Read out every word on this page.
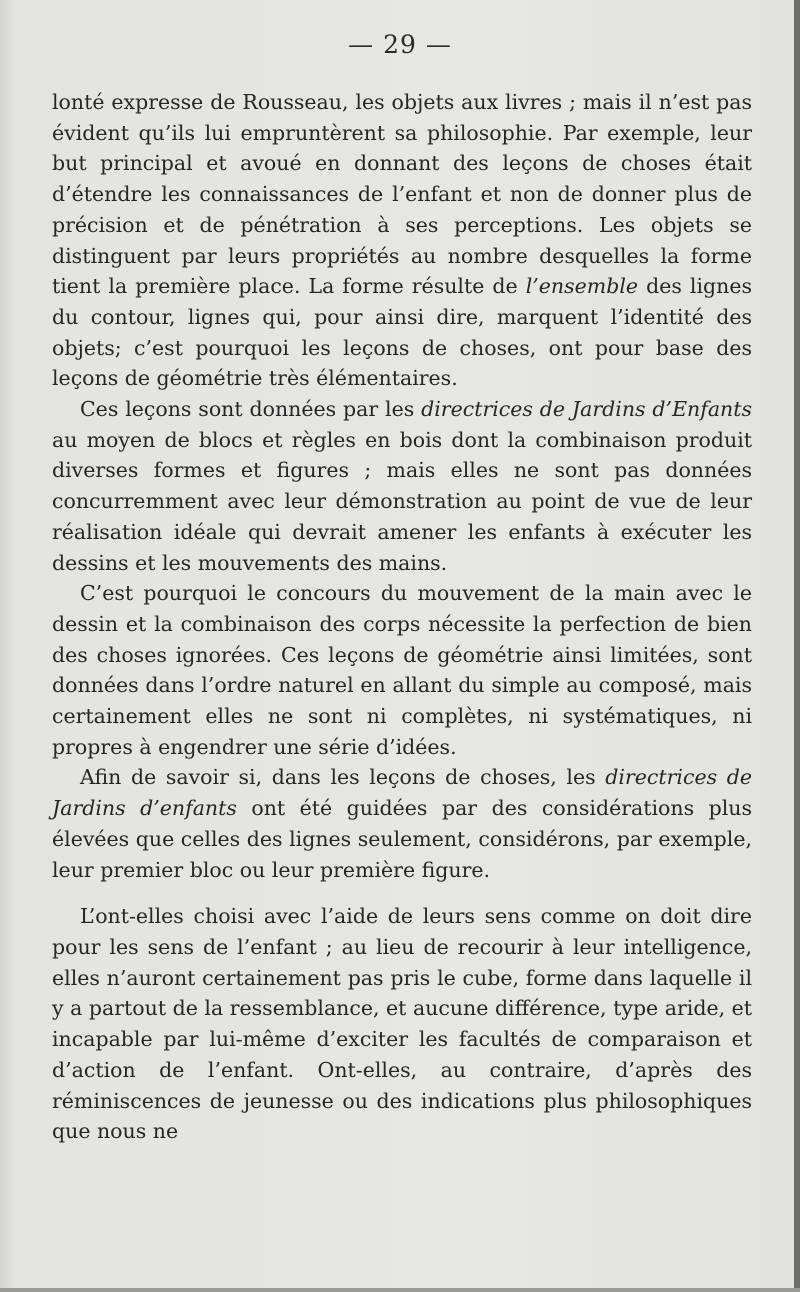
— 29 —

lonté expresse de Rousseau, les objets aux livres ; mais il n’est pas évident qu’ils lui empruntèrent sa philosophie. Par exemple, leur but principal et avoué en donnant des leçons de choses était d’étendre les connaissances de l’enfant et non de donner plus de précision et de pénétration à ses perceptions. Les objets se distinguent par leurs propriétés au nombre desquelles la forme tient la première place. La forme résulte de l’ensemble des lignes du contour, lignes qui, pour ainsi dire, marquent l’identité des objets; c’est pourquoi les leçons de choses, ont pour base des leçons de géométrie très élémentaires.

Ces leçons sont données par les directrices de Jardins d’Enfants au moyen de blocs et règles en bois dont la combinaison produit diverses formes et figures ; mais elles ne sont pas données concurremment avec leur démonstration au point de vue de leur réalisation idéale qui devrait amener les enfants à exécuter les dessins et les mouvements des mains.

C’est pourquoi le concours du mouvement de la main avec le dessin et la combinaison des corps nécessite la perfection de bien des choses ignorées. Ces leçons de géométrie ainsi limitées, sont données dans l’ordre naturel en allant du simple au composé, mais certainement elles ne sont ni complètes, ni systématiques, ni propres à engendrer une série d’idées.

Afin de savoir si, dans les leçons de choses, les directrices de Jardins d’enfants ont été guidées par des considérations plus élevées que celles des lignes seulement, considérons, par exemple, leur premier bloc ou leur première figure.

L’ont-elles choisi avec l’aide de leurs sens comme on doit dire pour les sens de l’enfant ; au lieu de recourir à leur intelligence, elles n’auront certainement pas pris le cube, forme dans laquelle il y a partout de la ressemblance, et aucune différence, type aride, et incapable par lui-même d’exciter les facultés de comparaison et d’action de l’enfant. Ont-elles, au contraire, d’après des réminiscences de jeunesse ou des indications plus philosophiques que nous ne
